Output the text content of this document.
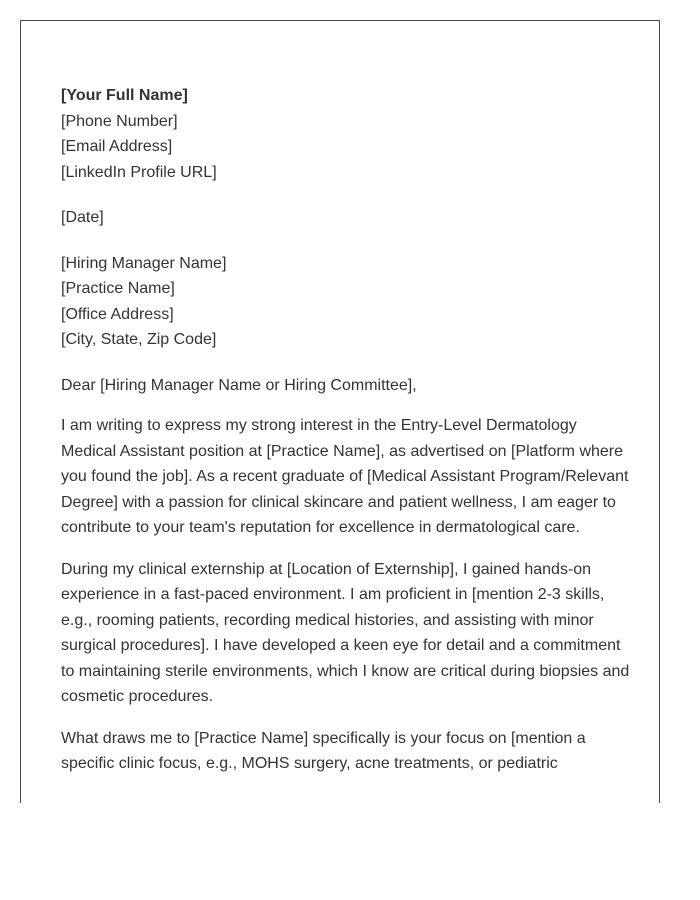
[Your Full Name]
[Phone Number]
[Email Address]
[LinkedIn Profile URL]
[Date]
[Hiring Manager Name]
[Practice Name]
[Office Address]
[City, State, Zip Code]
Dear [Hiring Manager Name or Hiring Committee],

I am writing to express my strong interest in the Entry-Level Dermatology Medical Assistant position at [Practice Name], as advertised on [Platform where you found the job]. As a recent graduate of [Medical Assistant Program/Relevant Degree] with a passion for clinical skincare and patient wellness, I am eager to contribute to your team's reputation for excellence in dermatological care.

During my clinical externship at [Location of Externship], I gained hands-on experience in a fast-paced environment. I am proficient in [mention 2-3 skills, e.g., rooming patients, recording medical histories, and assisting with minor surgical procedures]. I have developed a keen eye for detail and a commitment to maintaining sterile environments, which I know are critical during biopsies and cosmetic procedures.

What draws me to [Practice Name] specifically is your focus on [mention a specific clinic focus, e.g., MOHS surgery, acne treatments, or pediatric
